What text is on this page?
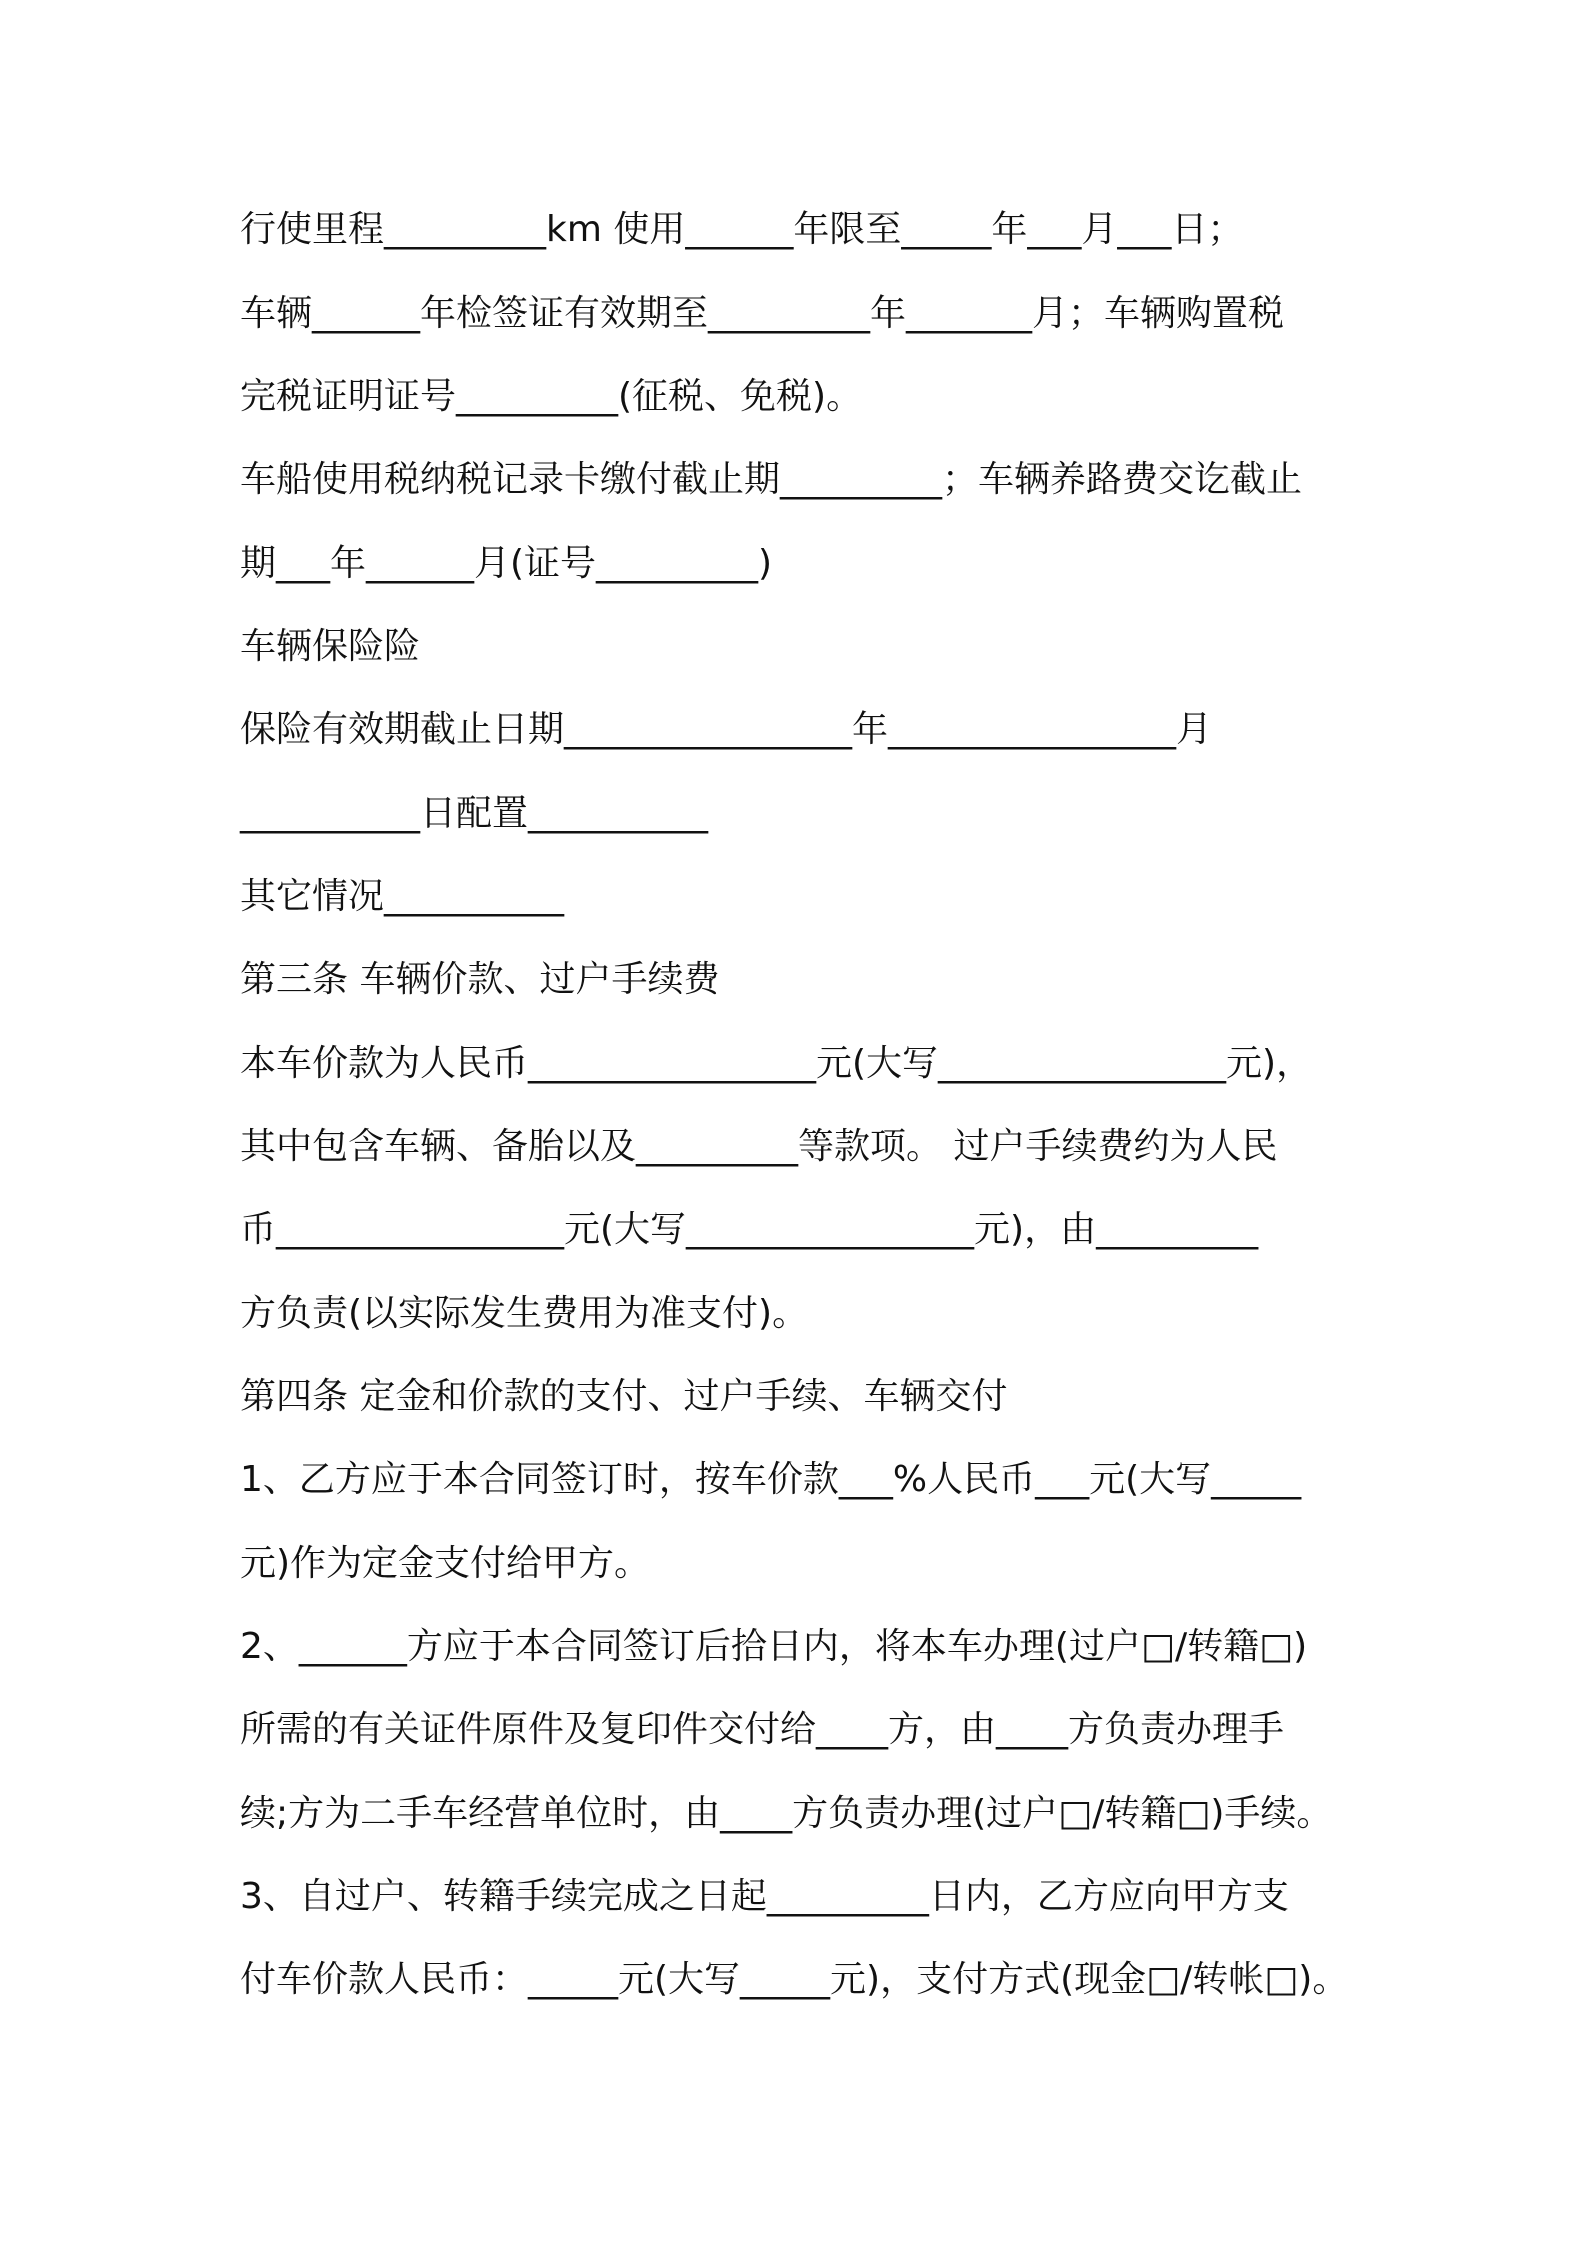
行使里程_________km 使用______年限至_____年___月___日；
车辆______年检签证有效期至_________年_______月；车辆购置税
完税证明证号_________(征税、免税)。
车船使用税纳税记录卡缴付截止期_________；车辆养路费交讫截止
期___年______月(证号_________)
车辆保险险
保险有效期截止日期________________年________________月
__________日配置__________
其它情况__________
第三条 车辆价款、过户手续费
本车价款为人民币________________元(大写________________元)，
其中包含车辆、备胎以及_________等款项。 过户手续费约为人民
币________________元(大写________________元)，由_________
方负责(以实际发生费用为准支付)。
第四条 定金和价款的支付、过户手续、车辆交付
1、乙方应于本合同签订时，按车价款___%人民币___元(大写_____
元)作为定金支付给甲方。
2、______方应于本合同签订后拾日内，将本车办理(过户□/转籍□)
所需的有关证件原件及复印件交付给____方，由____方负责办理手
续;方为二手车经营单位时，由____方负责办理(过户□/转籍□)手续。
3、自过户、转籍手续完成之日起_________日内，乙方应向甲方支
付车价款人民币：_____元(大写_____元)，支付方式(现金□/转帐□)。
